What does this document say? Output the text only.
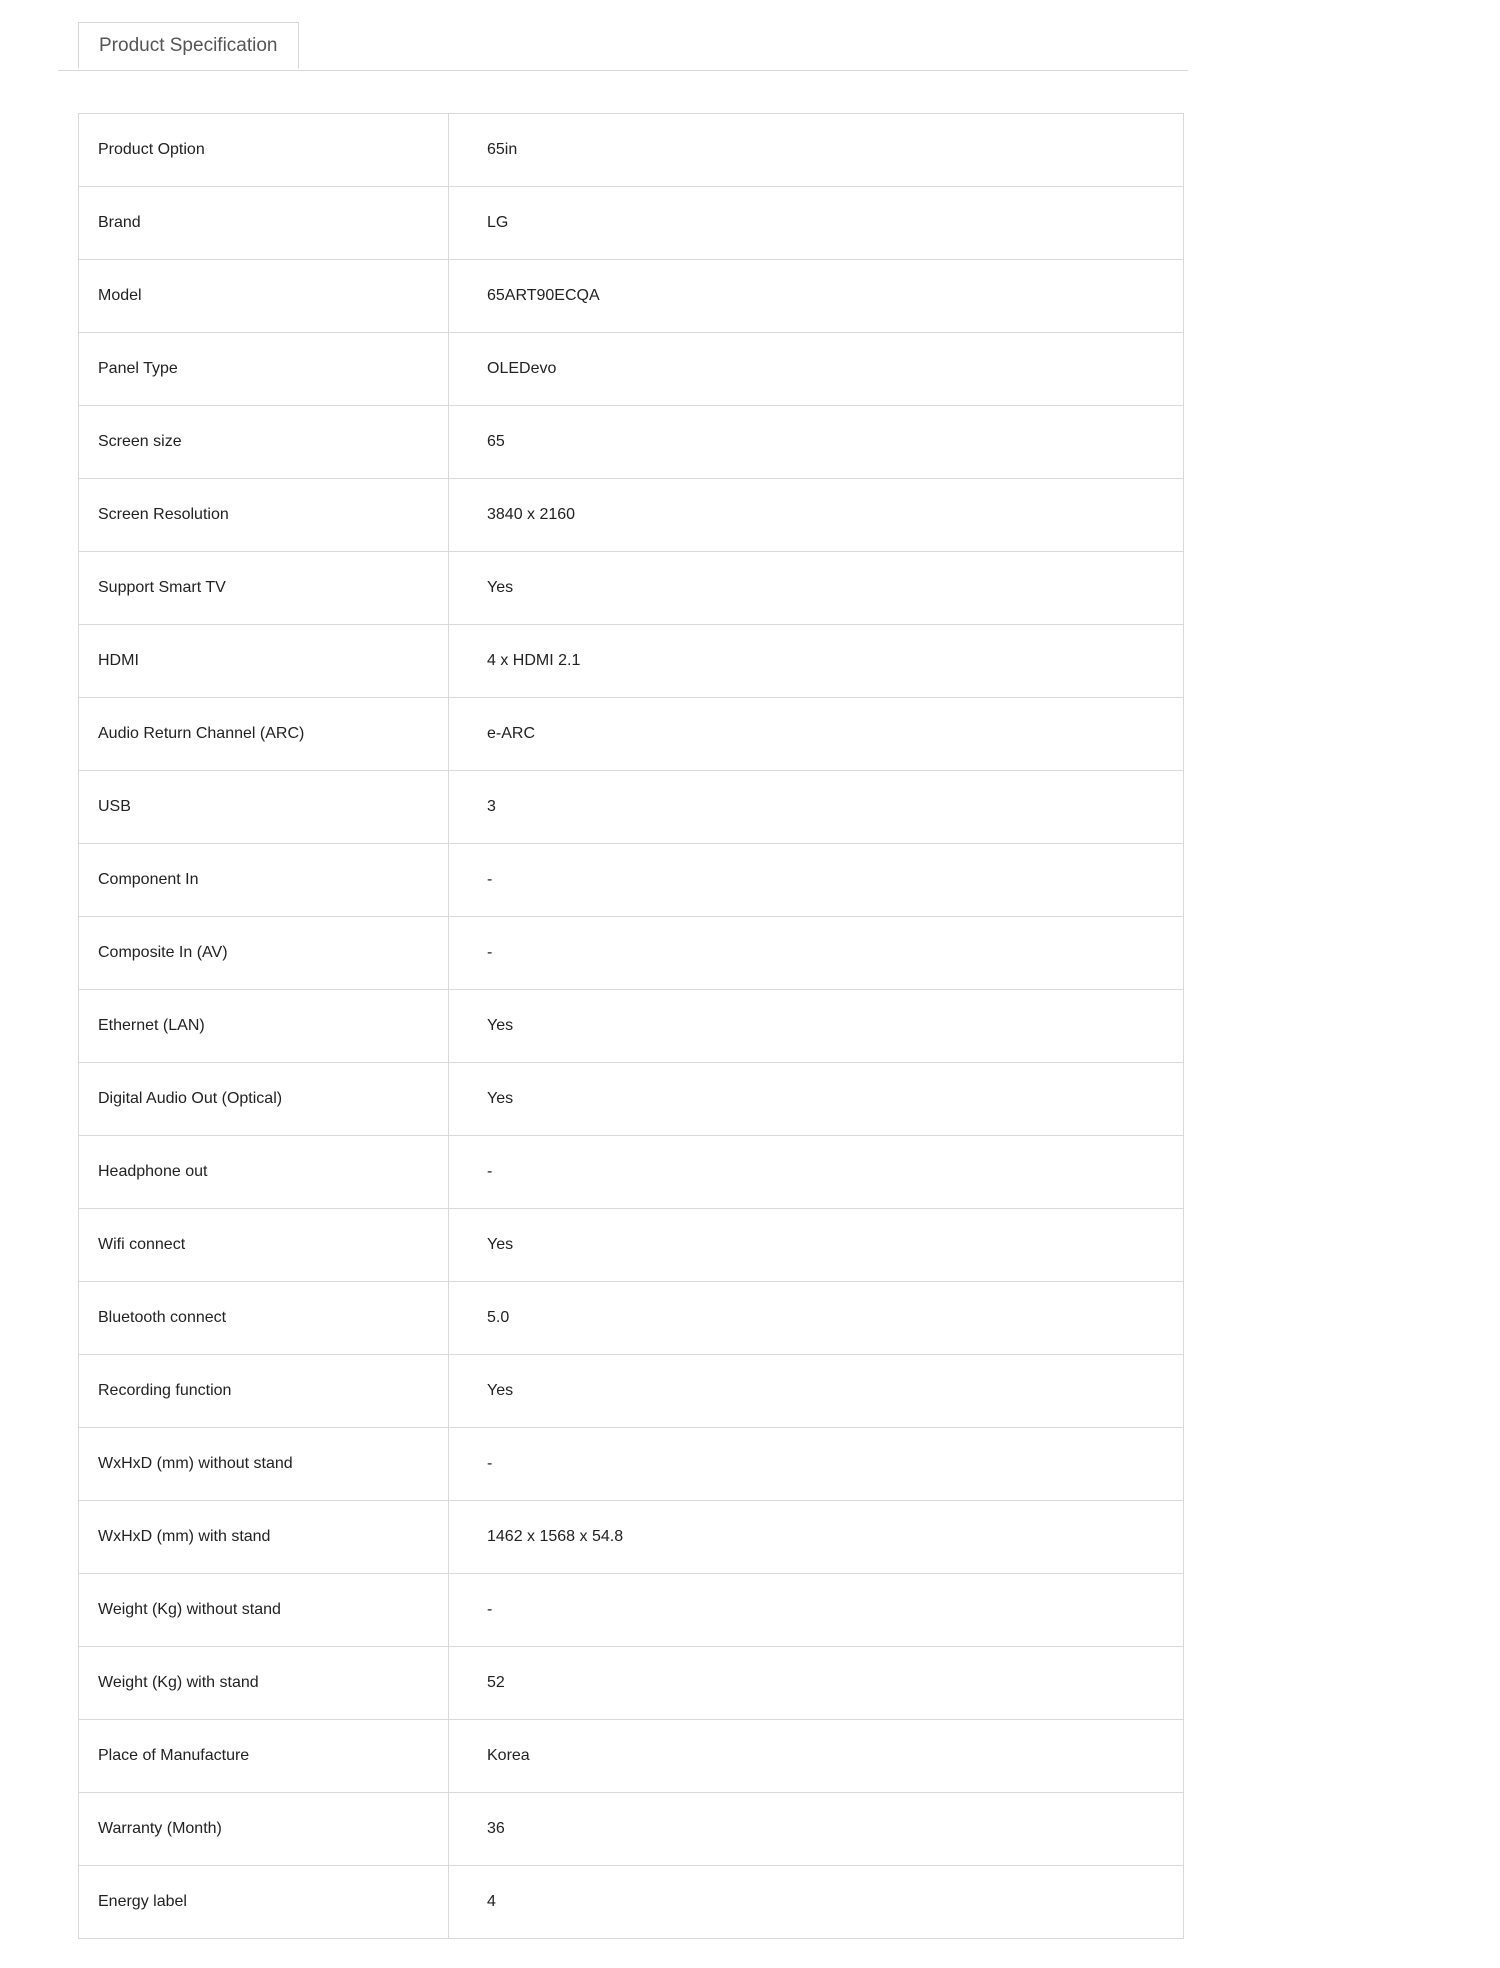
Product Specification
Product Option	65in
Brand	LG
Model	65ART90ECQA
Panel Type	OLEDevo
Screen size	65
Screen Resolution	3840 x 2160
Support Smart TV	Yes
HDMI	4 x HDMI 2.1
Audio Return Channel (ARC)	e-ARC
USB	3
Component In	-
Composite In (AV)	-
Ethernet (LAN)	Yes
Digital Audio Out (Optical)	Yes
Headphone out	-
Wifi connect	Yes
Bluetooth connect	5.0
Recording function	Yes
WxHxD (mm) without stand	-
WxHxD (mm) with stand	1462 x 1568 x 54.8
Weight (Kg) without stand	-
Weight (Kg) with stand	52
Place of Manufacture	Korea
Warranty (Month)	36
Energy label	4
